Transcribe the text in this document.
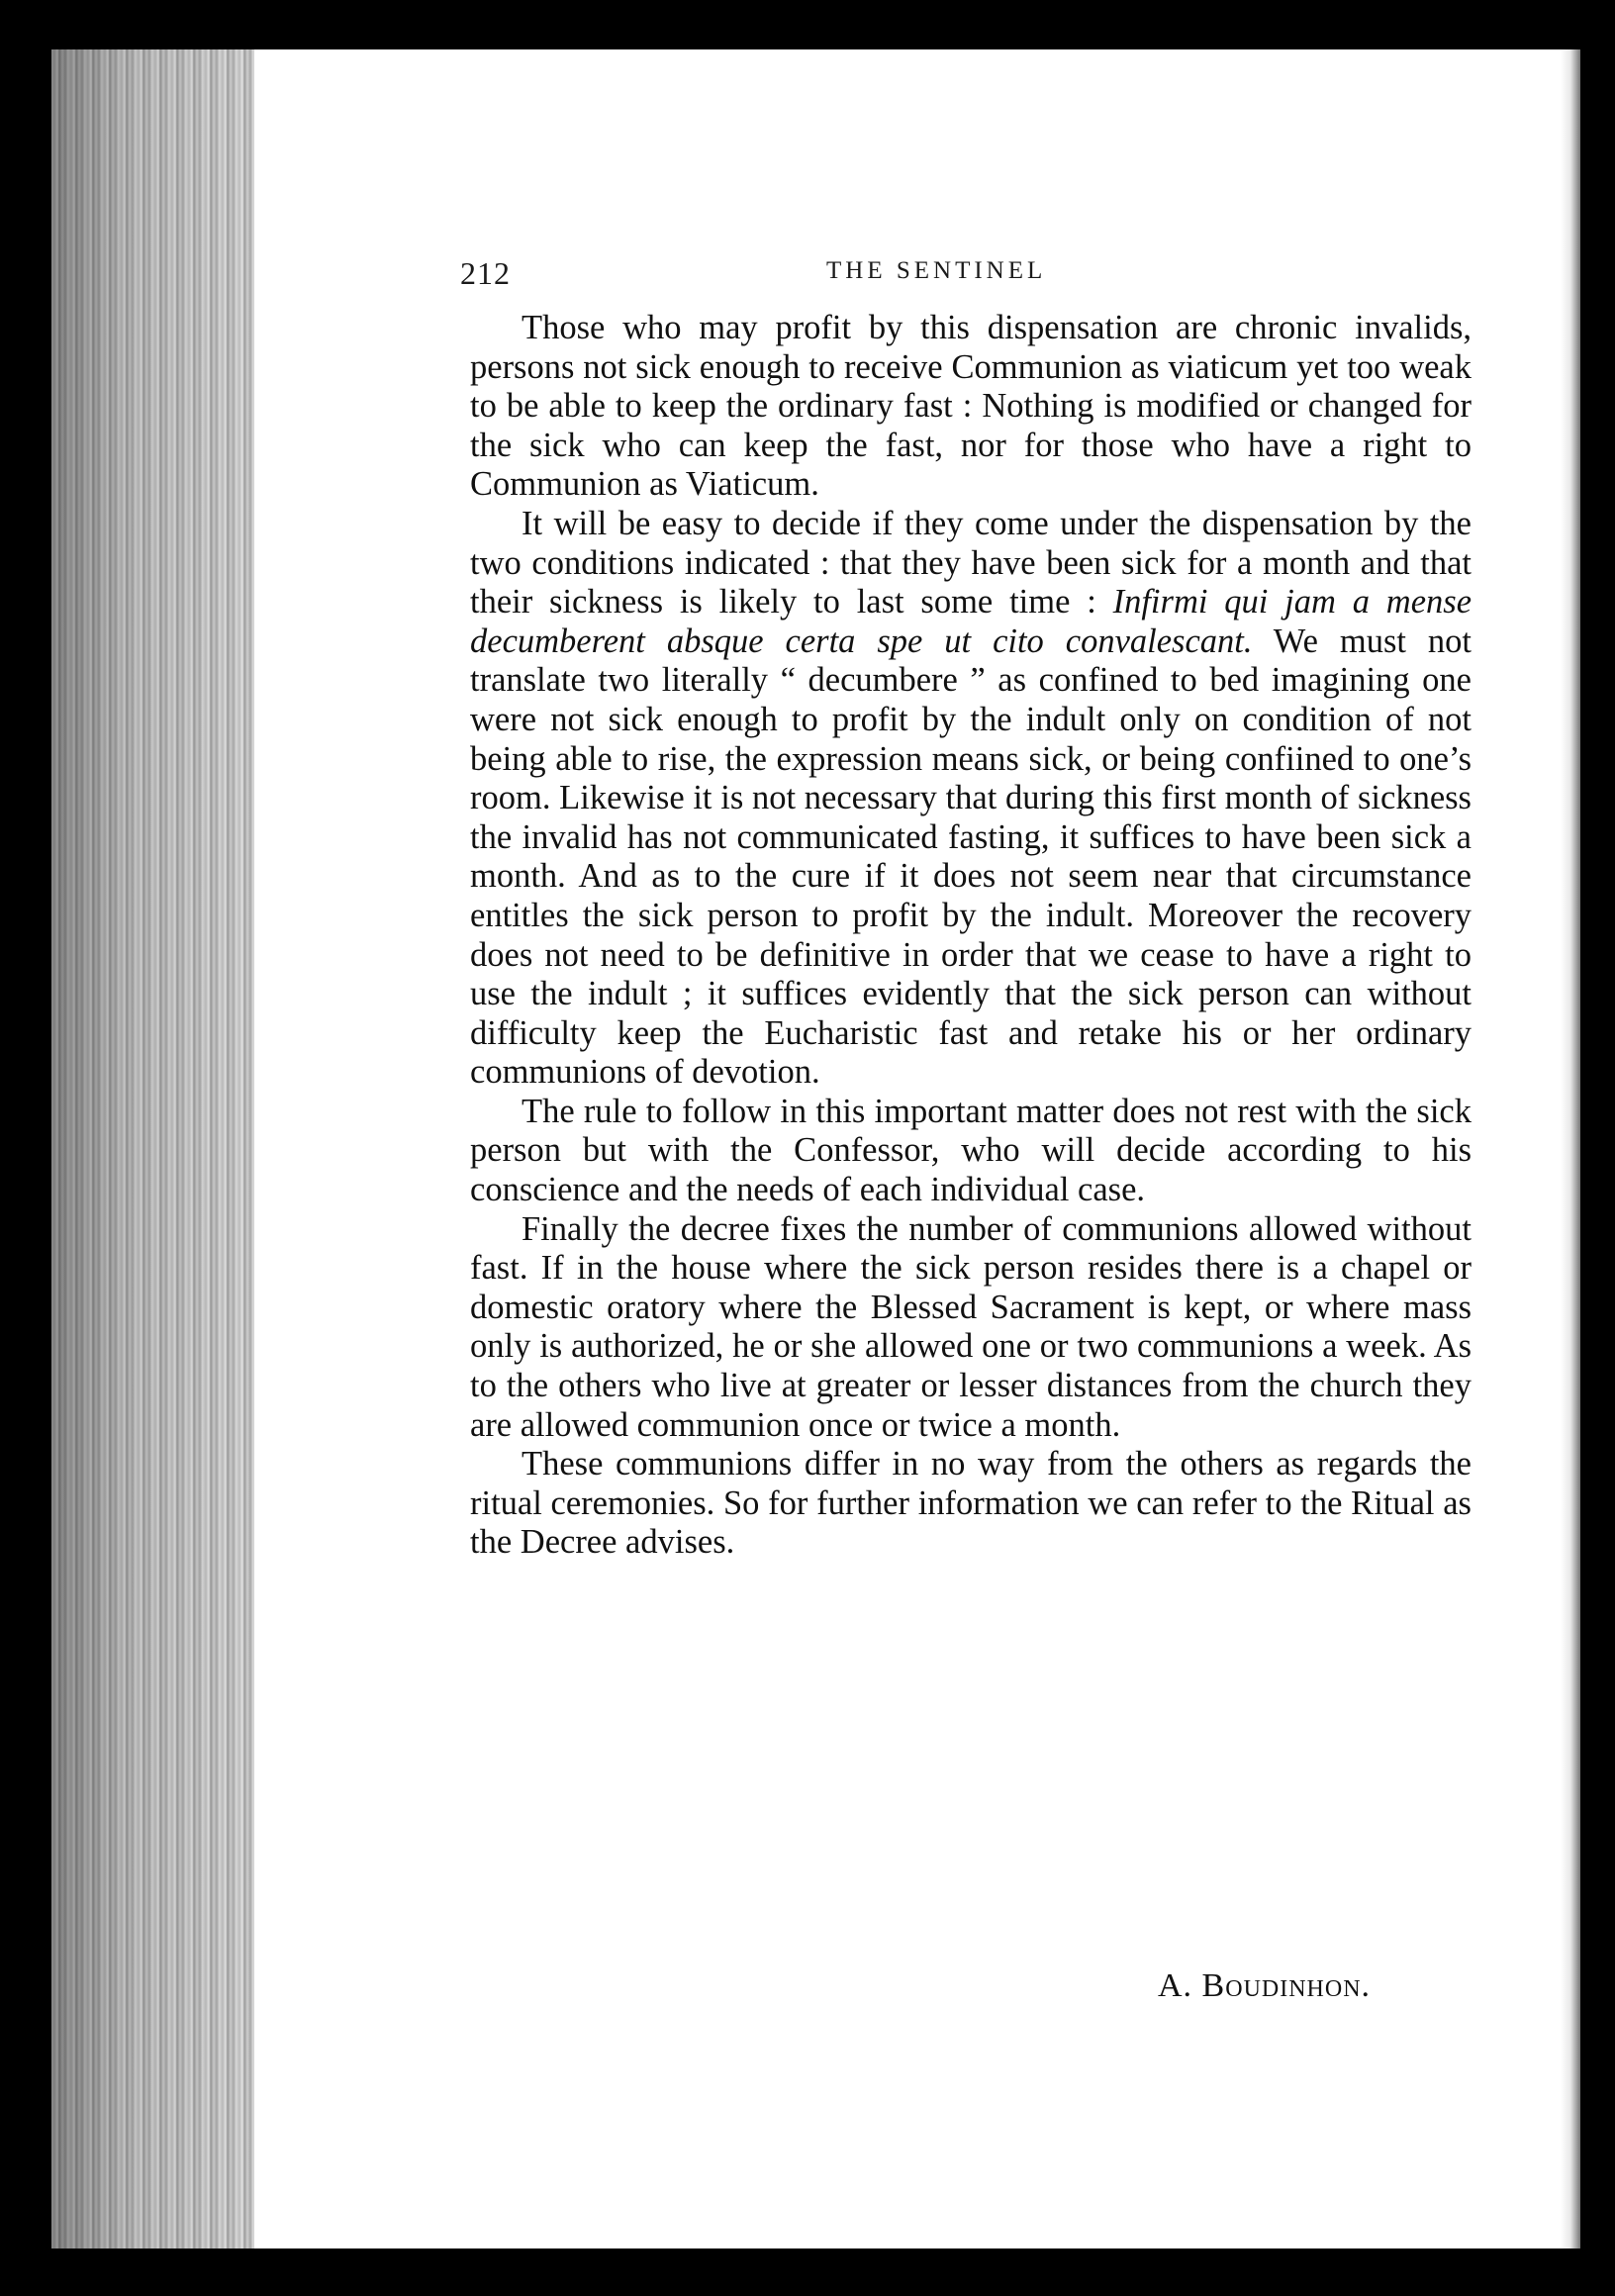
212	THE SENTINEL

Those who may profit by this dispensation are chronic invalids, persons not sick enough to receive Communion as viaticum yet too weak to be able to keep the ordinary fast : Nothing is modified or changed for the sick who can keep the fast, nor for those who have a right to Communion as Viaticum.

It will be easy to decide if they come under the dispensation by the two conditions indicated : that they have been sick for a month and that their sickness is likely to last some time : Infirmi qui jam a mense decumberent absque certa spe ut cito convalescant. We must not translate two literally “ decumbere ” as confined to bed imagining one were not sick enough to profit by the indult only on condition of not being able to rise, the expression means sick, or being confiined to one’s room. Likewise it is not necessary that during this first month of sickness the invalid has not communicated fasting, it suffices to have been sick a month. And as to the cure if it does not seem near that circumstance entitles the sick person to profit by the indult. Moreover the recovery does not need to be definitive in order that we cease to have a right to use the indult ; it suffices evidently that the sick person can without difficulty keep the Eucharistic fast and retake his or her ordinary communions of devotion.

The rule to follow in this important matter does not rest with the sick person but with the Confessor, who will decide according to his conscience and the needs of each individual case.

Finally the decree fixes the number of communions allowed without fast. If in the house where the sick person resides there is a chapel or domestic oratory where the Blessed Sacrament is kept, or where mass only is authorized, he or she allowed one or two communions a week. As to the others who live at greater or lesser distances from the church they are allowed communion once or twice a month.

These communions differ in no way from the others as regards the ritual ceremonies. So for further information we can refer to the Ritual as the Decree advises.

A. Boudinhon.
